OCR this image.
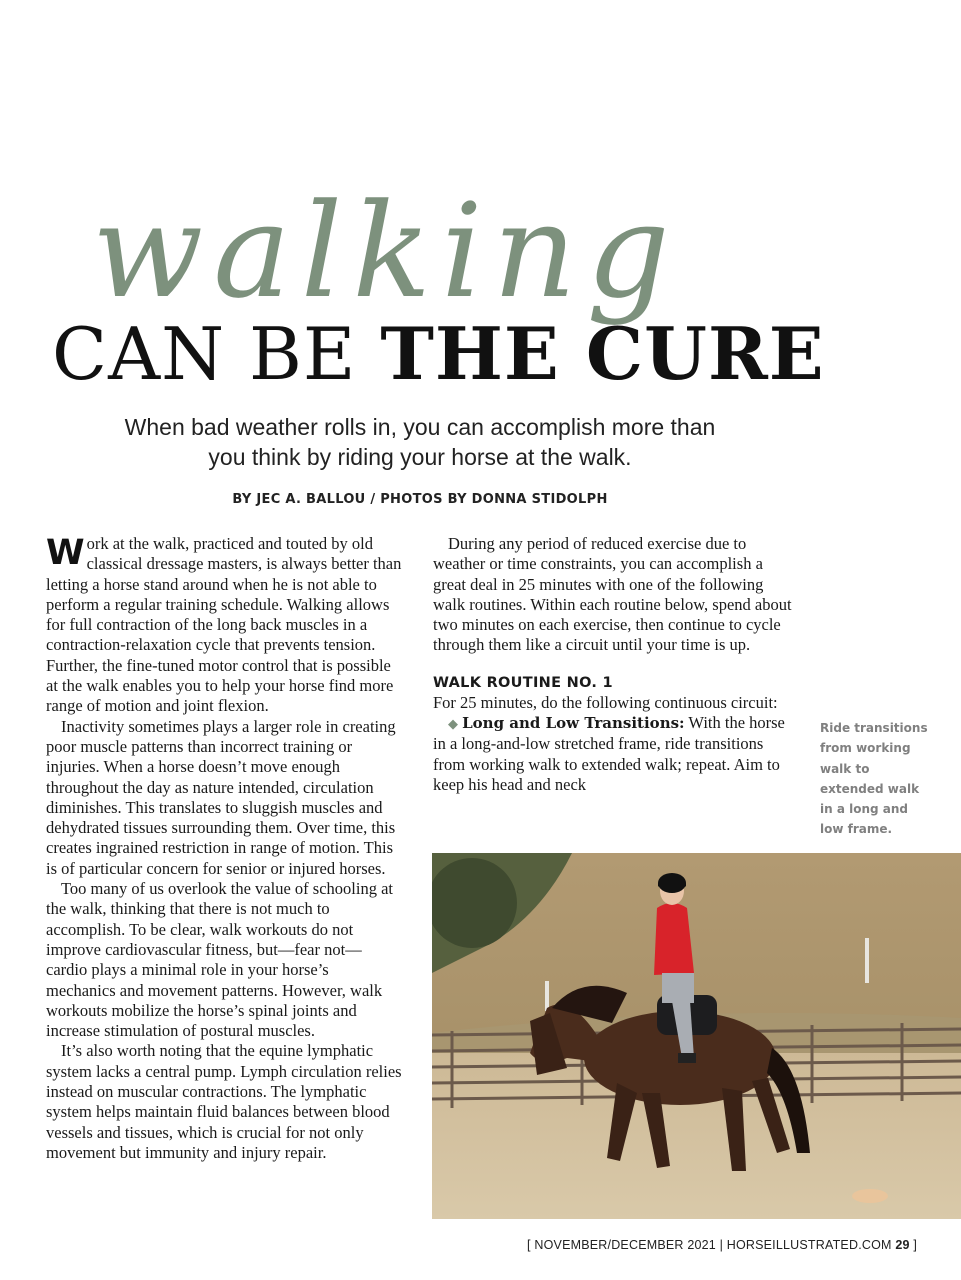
walking
CAN BE THE CURE
When bad weather rolls in, you can accomplish more than you think by riding your horse at the walk.
BY JEC A. BALLOU / PHOTOS BY DONNA STIDOLPH

Work at the walk, practiced and touted by old classical dressage masters, is always better than letting a horse stand around when he is not able to perform a regular training schedule. Walking allows for full contraction of the long back muscles in a contraction-relaxation cycle that prevents tension. Further, the fine-tuned motor control that is possible at the walk enables you to help your horse find more range of motion and joint flexion.

Inactivity sometimes plays a larger role in creating poor muscle patterns than incorrect training or injuries. When a horse doesn’t move enough throughout the day as nature intended, circulation diminishes. This translates to sluggish muscles and dehydrated tissues surrounding them. Over time, this creates ingrained restriction in range of motion. This is of particular concern for senior or injured horses.

Too many of us overlook the value of schooling at the walk, thinking that there is not much to accomplish. To be clear, walk workouts do not improve cardiovascular fitness, but—fear not—cardio plays a minimal role in your horse’s mechanics and movement patterns. However, walk workouts mobilize the horse’s spinal joints and increase stimulation of postural muscles.

It’s also worth noting that the equine lymphatic system lacks a central pump. Lymph circulation relies instead on muscular contractions. The lymphatic system helps maintain fluid balances between blood vessels and tissues, which is crucial for not only movement but immunity and injury repair.

During any period of reduced exercise due to weather or time constraints, you can accomplish a great deal in 25 minutes with one of the following walk routines. Within each routine below, spend about two minutes on each exercise, then continue to cycle through them like a circuit until your time is up.

WALK ROUTINE NO. 1

For 25 minutes, do the following continuous circuit:

◆ Long and Low Transitions: With the horse in a long-and-low stretched frame, ride transitions from working walk to extended walk; repeat. Aim to keep his head and neck

Ride transitions from working walk to extended walk in a long and low frame.
[ NOVEMBER/DECEMBER 2021 | HORSEILLUSTRATED.COM 29 ]
